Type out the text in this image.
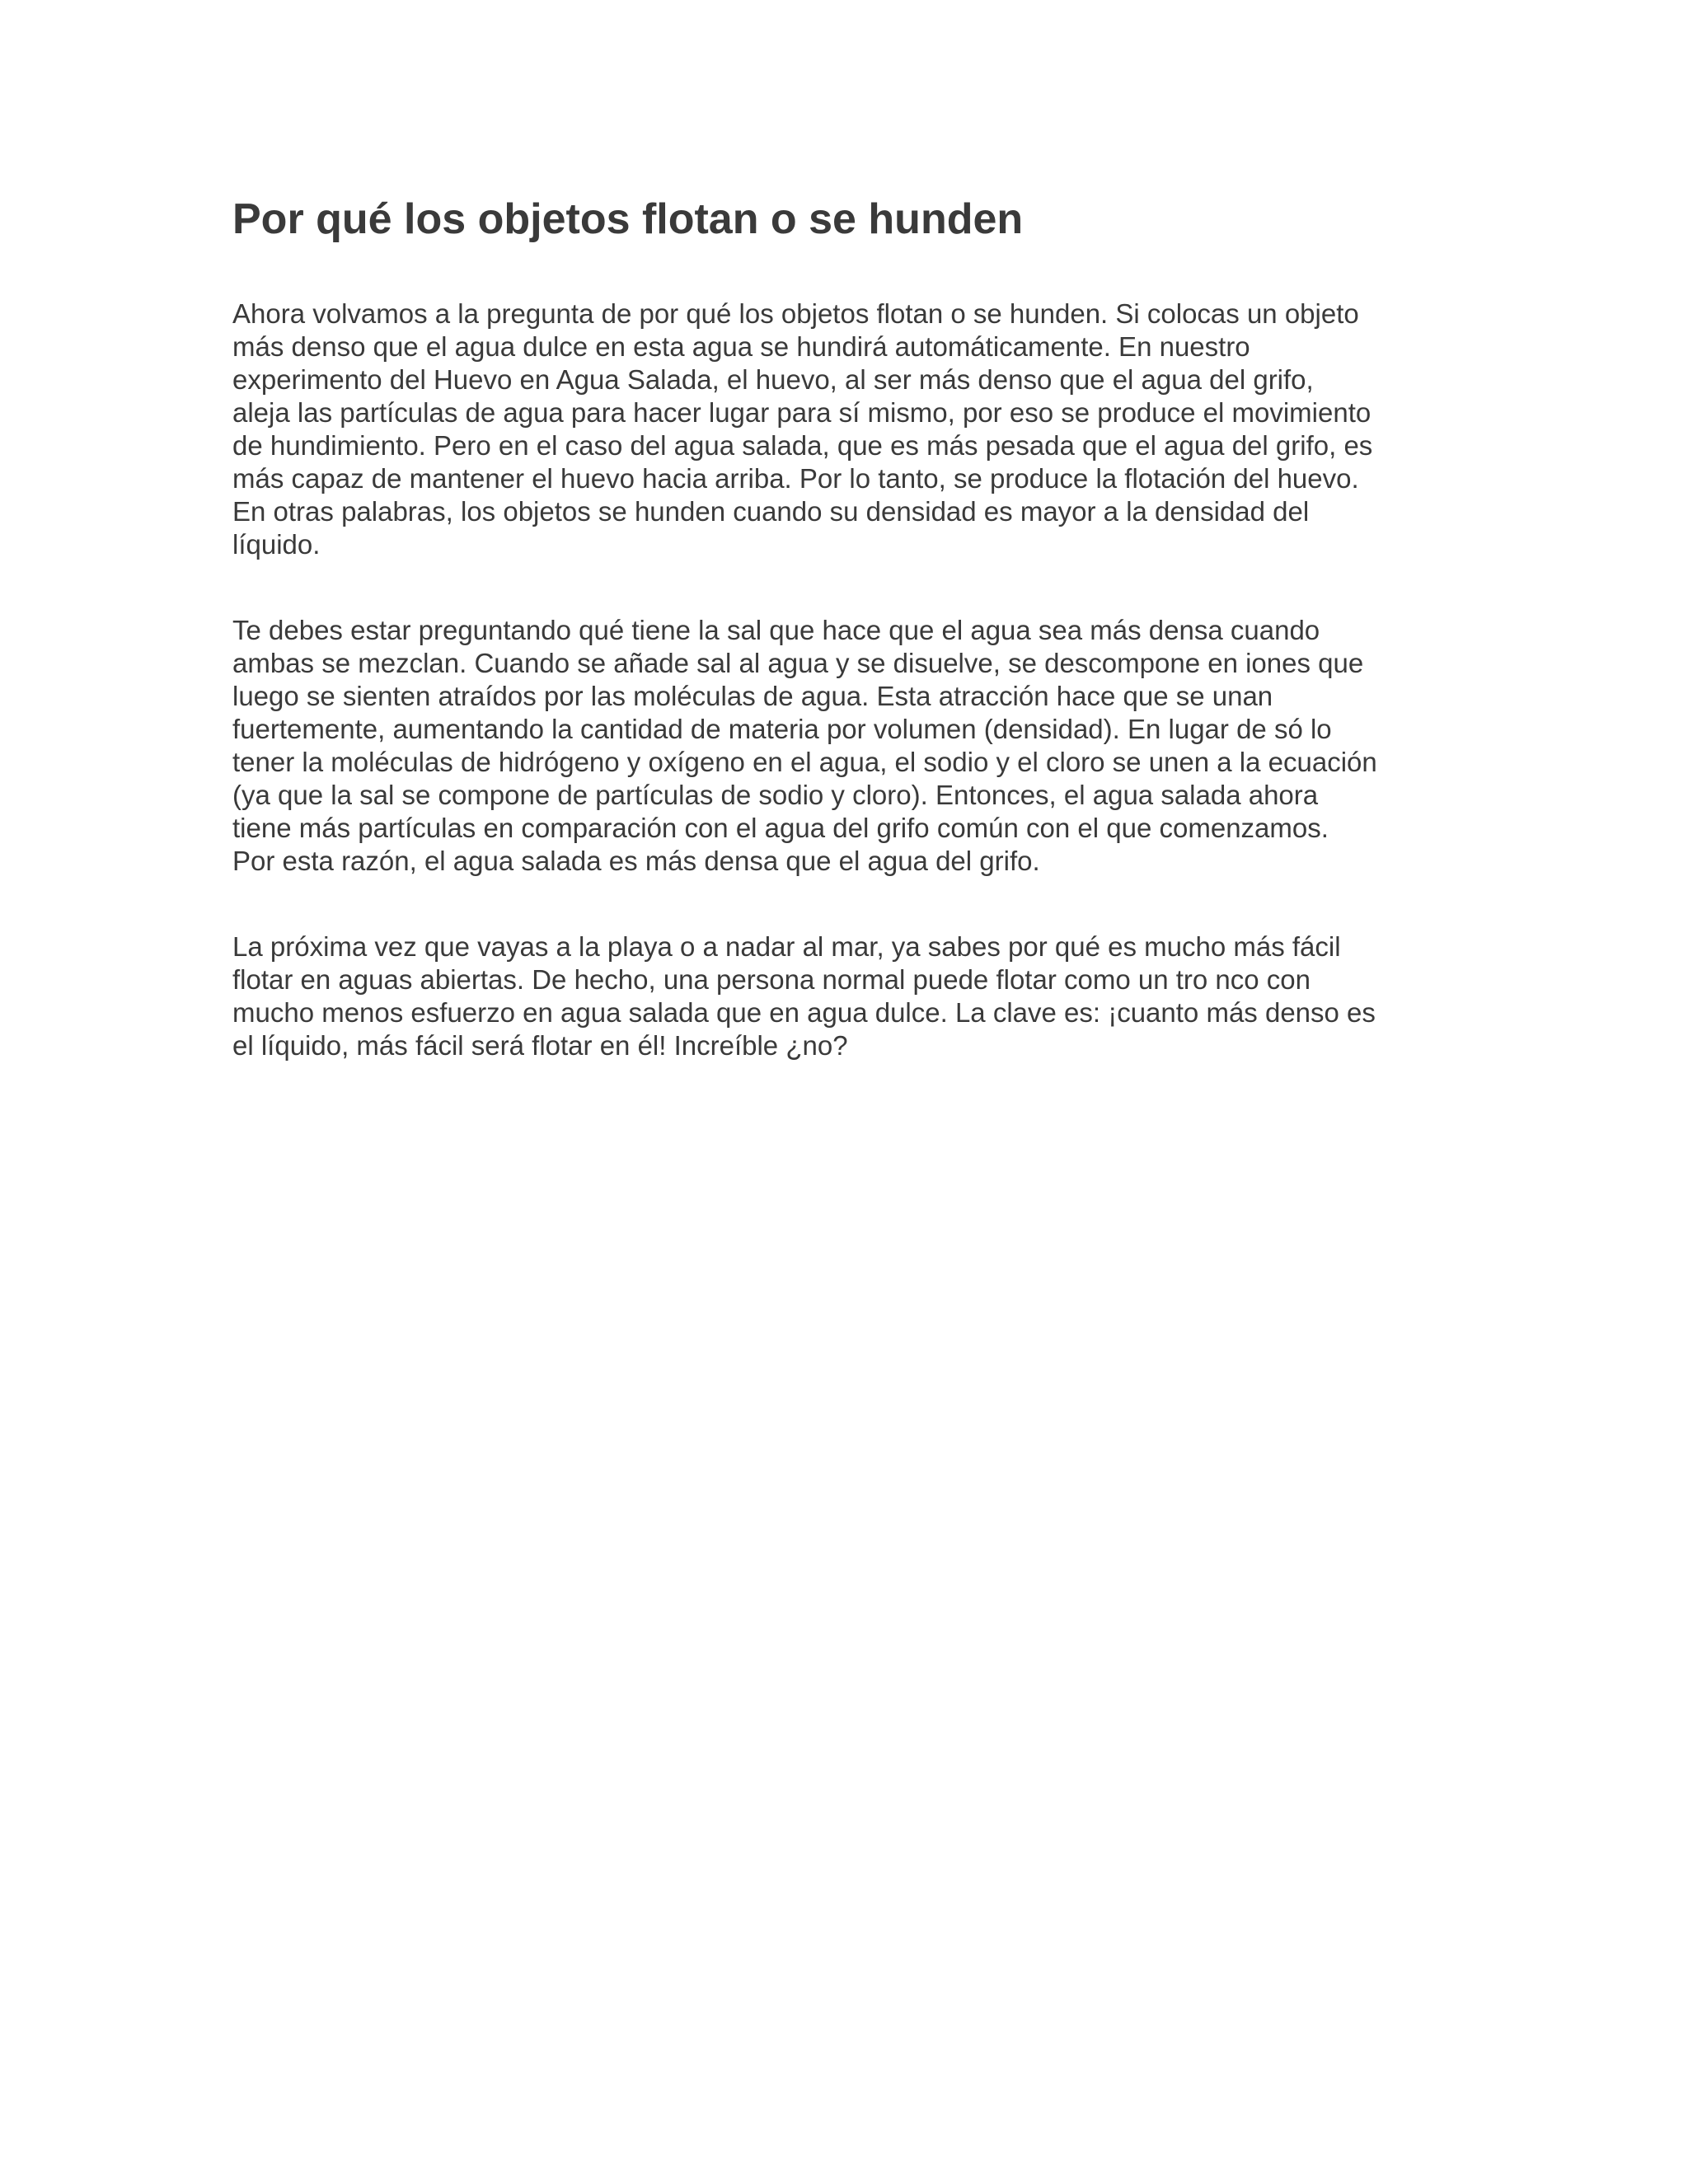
Por qué los objetos flotan o se hunden

Ahora volvamos a la pregunta de por qué los objetos flotan o se hunden. Si colocas un objeto
más denso que el agua dulce en esta agua se hundirá automáticamente. En nuestro
experimento del Huevo en Agua Salada, el huevo, al ser más denso que el agua del grifo,
aleja las partículas de agua para hacer lugar para sí mismo, por eso se produce el movimiento
de hundimiento. Pero en el caso del agua salada, que es más pesada que el agua del grifo, es
más capaz de mantener el huevo hacia arriba. Por lo tanto, se produce la flotación del huevo.
En otras palabras, los objetos se hunden cuando su densidad es mayor a la densidad del
líquido.

Te debes estar preguntando qué tiene la sal que hace que el agua sea más densa cuando
ambas se mezclan. Cuando se añade sal al agua y se disuelve, se descompone en iones que
luego se sienten atraídos por las moléculas de agua. Esta atracción hace que se unan
fuertemente, aumentando la cantidad de materia por volumen (densidad). En lugar de só lo
tener la moléculas de hidrógeno y oxígeno en el agua, el sodio y el cloro se unen a la ecuación
(ya que la sal se compone de partículas de sodio y cloro). Entonces, el agua salada ahora
tiene más partículas en comparación con el agua del grifo común con el que comenzamos.
Por esta razón, el agua salada es más densa que el agua del grifo.

La próxima vez que vayas a la playa o a nadar al mar, ya sabes por qué es mucho más fácil
flotar en aguas abiertas. De hecho, una persona normal puede flotar como un tro nco con
mucho menos esfuerzo en agua salada que en agua dulce. La clave es: ¡cuanto más denso es
el líquido, más fácil será flotar en él! Increíble ¿no?
